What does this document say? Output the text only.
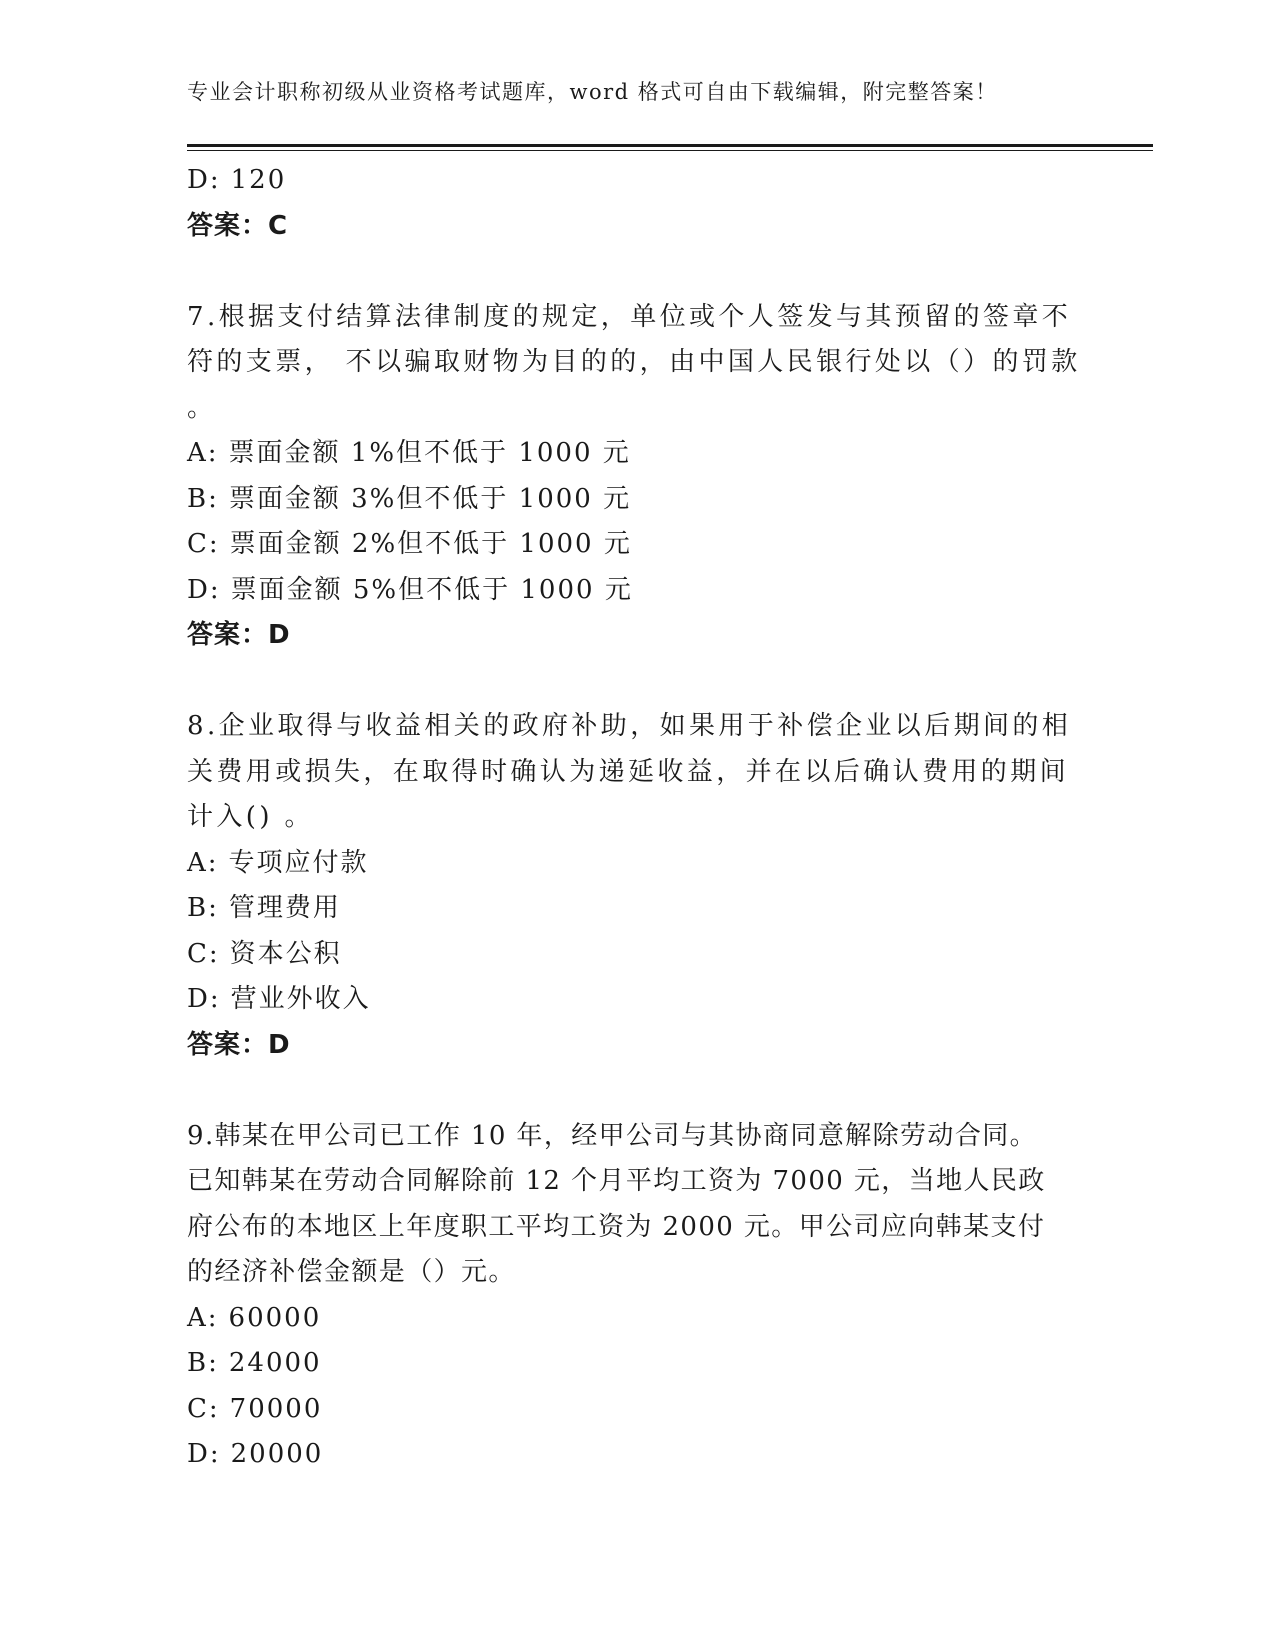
专业会计职称初级从业资格考试题库，word 格式可自由下载编辑，附完整答案！
D: 120
答案：C
7.根据支付结算法律制度的规定，单位或个人签发与其预留的签章不
符的支票， 不以骗取财物为目的的，由中国人民银行处以（）的罚款
。
A: 票面金额 1%但不低于 1000 元
B: 票面金额 3%但不低于 1000 元
C: 票面金额 2%但不低于 1000 元
D: 票面金额 5%但不低于 1000 元
答案：D
8.企业取得与收益相关的政府补助，如果用于补偿企业以后期间的相
关费用或损失，在取得时确认为递延收益，并在以后确认费用的期间
计入() 。
A: 专项应付款
B: 管理费用
C: 资本公积
D: 营业外收入
答案：D
9.韩某在甲公司已工作 10 年，经甲公司与其协商同意解除劳动合同。
已知韩某在劳动合同解除前 12 个月平均工资为 7000 元，当地人民政
府公布的本地区上年度职工平均工资为 2000 元。甲公司应向韩某支付
的经济补偿金额是（）元。
A: 60000
B: 24000
C: 70000
D: 20000
